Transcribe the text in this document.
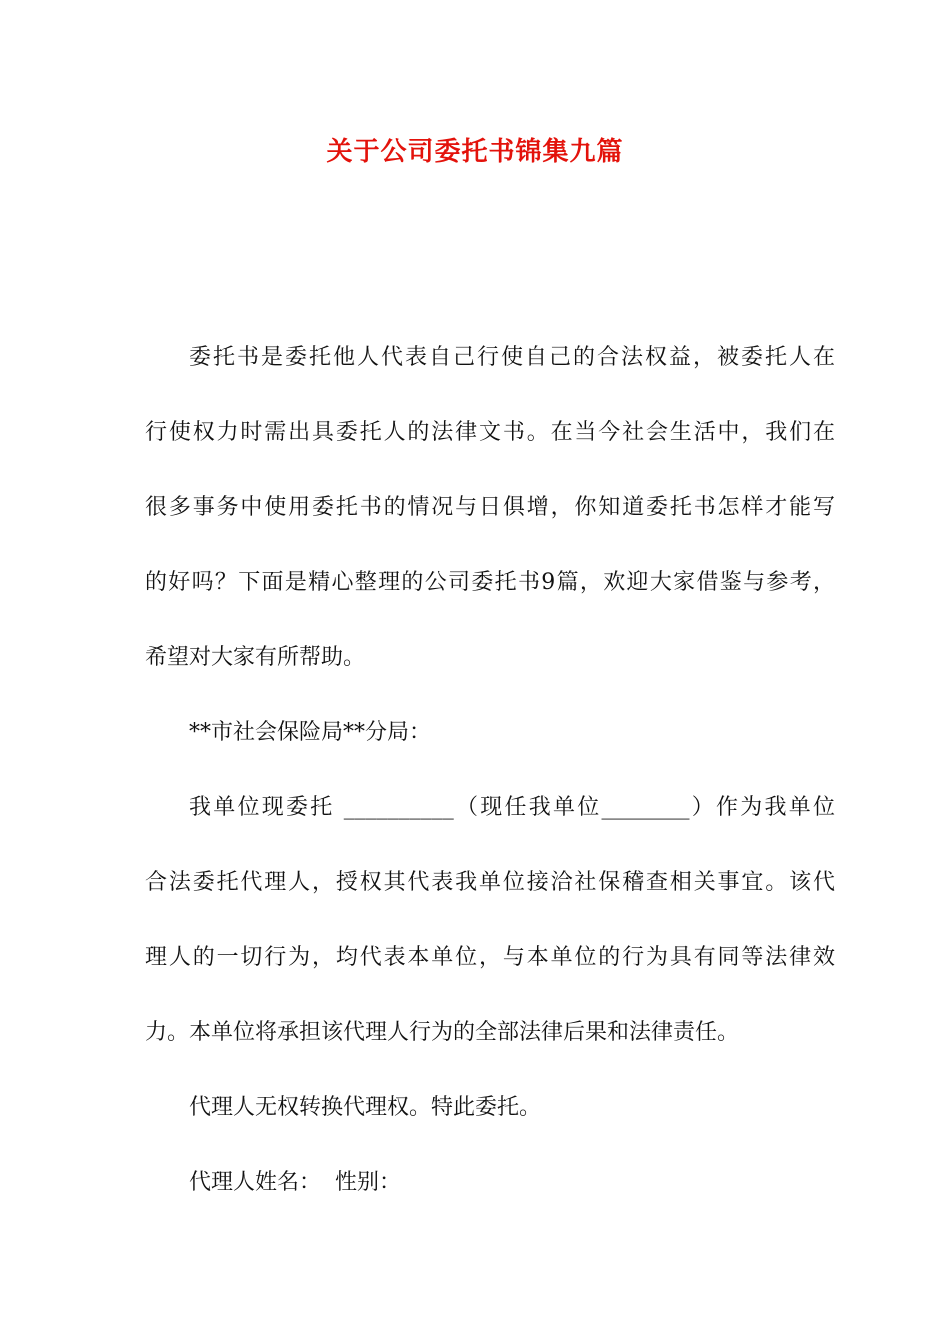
关于公司委托书锦集九篇
委托书是委托他人代表自己行使自己的合法权益，被委托人在
行使权力时需出具委托人的法律文书。在当今社会生活中，我们在
很多事务中使用委托书的情况与日俱增，你知道委托书怎样才能写
的好吗？下面是精心整理的公司委托书9篇，欢迎大家借鉴与参考，
希望对大家有所帮助。
**市社会保险局**分局：
我单位现委托 __________（现任我单位________）作为我单位
合法委托代理人，授权其代表我单位接洽社保稽查相关事宜。该代
理人的一切行为，均代表本单位，与本单位的行为具有同等法律效
力。本单位将承担该代理人行为的全部法律后果和法律责任。
代理人无权转换代理权。特此委托。
代理人姓名：  性别：
